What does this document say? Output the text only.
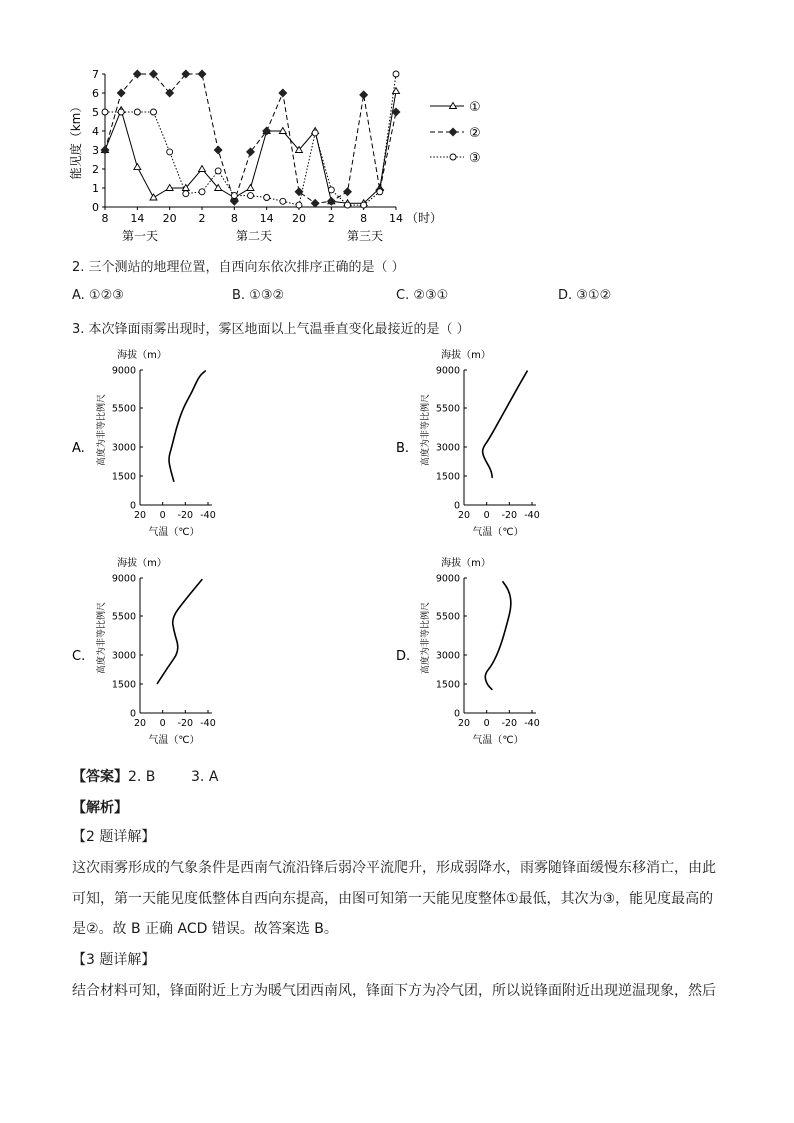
能见度（km）
0
1
2
3
4
5
6
7
8 14 20 2 8 14 20 2 8 14 （时）
第一天	第二天	第三天
①
②
③
2. 三个测站的地理位置，自西向东依次排序正确的是（ ）
A. ①②③	B. ①③②	C. ②③①	D. ③①②
3. 本次锋面雨雾出现时，雾区地面以上气温垂直变化最接近的是（ ）
A.
海拔（m）
高度为非等比例尺
0
1500
3000
5500
9000
20 0 -20 -40
气温（℃）
B.
海拔（m）
高度为非等比例尺
0
1500
3000
5500
9000
20 0 -20 -40
气温（℃）
C.
海拔（m）
高度为非等比例尺
0
1500
3000
5500
9000
20 0 -20 -40
气温（℃）
D.
海拔（m）
高度为非等比例尺
0
1500
3000
5500
9000
20 0 -20 -40
气温（℃）
【答案】2. B        3. A
【解析】
【2 题详解】
这次雨雾形成的气象条件是西南气流沿锋后弱冷平流爬升，形成弱降水，雨雾随锋面缓慢东移消亡，由此
可知，第一天能见度低整体自西向东提高，由图可知第一天能见度整体①最低，其次为③，能见度最高的
是②。故 B 正确 ACD 错误。故答案选 B。
【3 题详解】
结合材料可知，锋面附近上方为暖气团西南风，锋面下方为冷气团，所以说锋面附近出现逆温现象，然后
